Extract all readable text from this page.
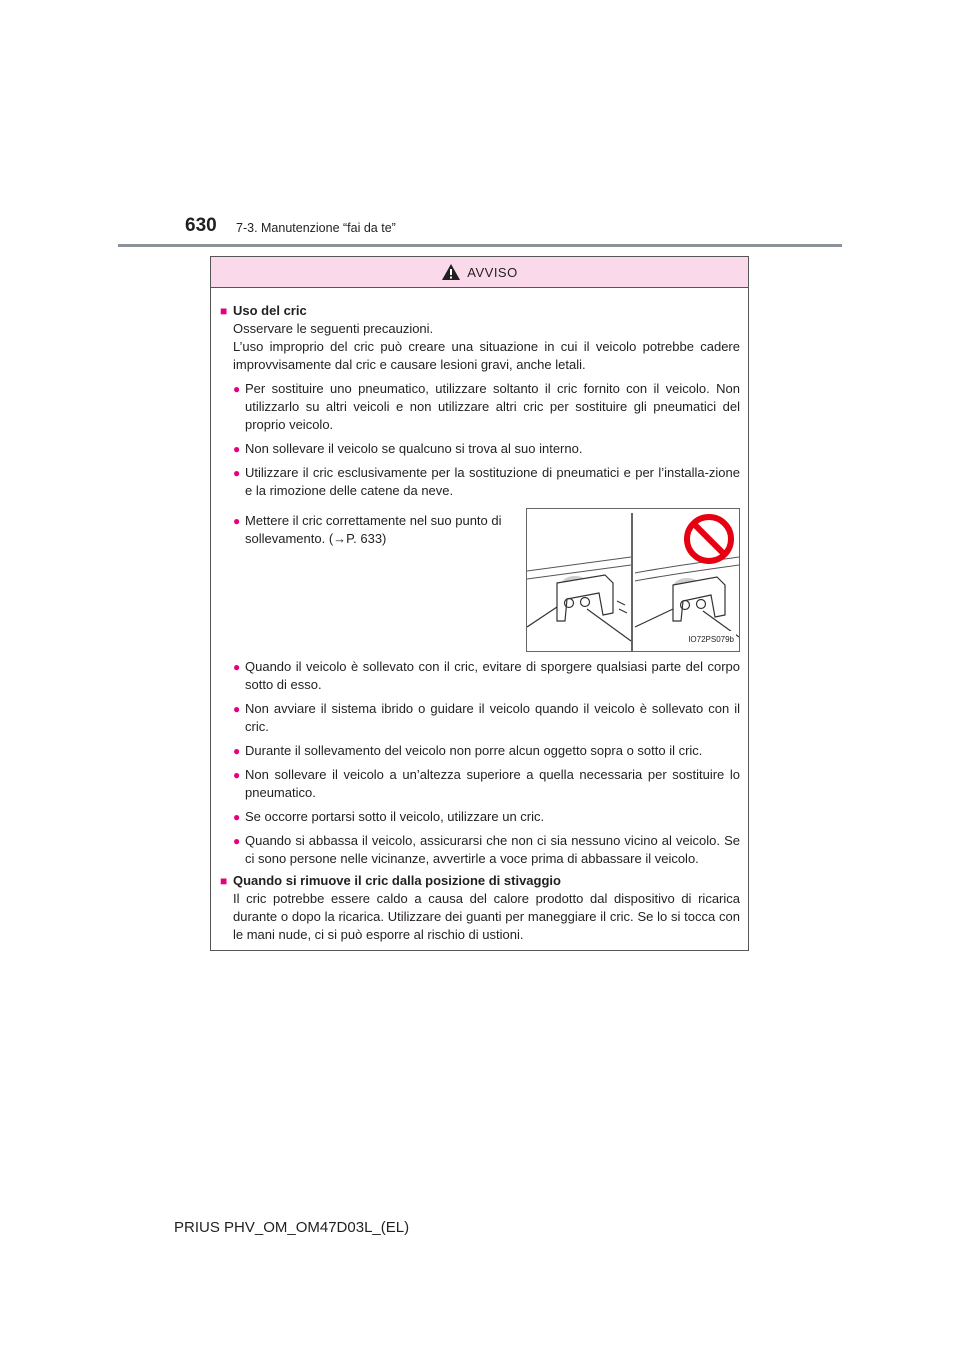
630 7-3. Manutenzione “fai da te”
AVVISO
■ Uso del cric
Osservare le seguenti precauzioni.
L’uso improprio del cric può creare una situazione in cui il veicolo potrebbe cadere improvvisamente dal cric e causare lesioni gravi, anche letali.
● Per sostituire uno pneumatico, utilizzare soltanto il cric fornito con il veicolo. Non utilizzarlo su altri veicoli e non utilizzare altri cric per sostituire gli pneumatici del proprio veicolo.
● Non sollevare il veicolo se qualcuno si trova al suo interno.
● Utilizzare il cric esclusivamente per la sostituzione di pneumatici e per l’installa-zione e la rimozione delle catene da neve.
● Mettere il cric correttamente nel suo punto di sollevamento. (→P. 633)
IO72PS079b
● Quando il veicolo è sollevato con il cric, evitare di sporgere qualsiasi parte del corpo sotto di esso.
● Non avviare il sistema ibrido o guidare il veicolo quando il veicolo è sollevato con il cric.
● Durante il sollevamento del veicolo non porre alcun oggetto sopra o sotto il cric.
● Non sollevare il veicolo a un’altezza superiore a quella necessaria per sostituire lo pneumatico.
● Se occorre portarsi sotto il veicolo, utilizzare un cric.
● Quando si abbassa il veicolo, assicurarsi che non ci sia nessuno vicino al veicolo. Se ci sono persone nelle vicinanze, avvertirle a voce prima di abbassare il veicolo.
■ Quando si rimuove il cric dalla posizione di stivaggio
Il cric potrebbe essere caldo a causa del calore prodotto dal dispositivo di ricarica durante o dopo la ricarica. Utilizzare dei guanti per maneggiare il cric. Se lo si tocca con le mani nude, ci si può esporre al rischio di ustioni.
PRIUS PHV_OM_OM47D03L_(EL)
